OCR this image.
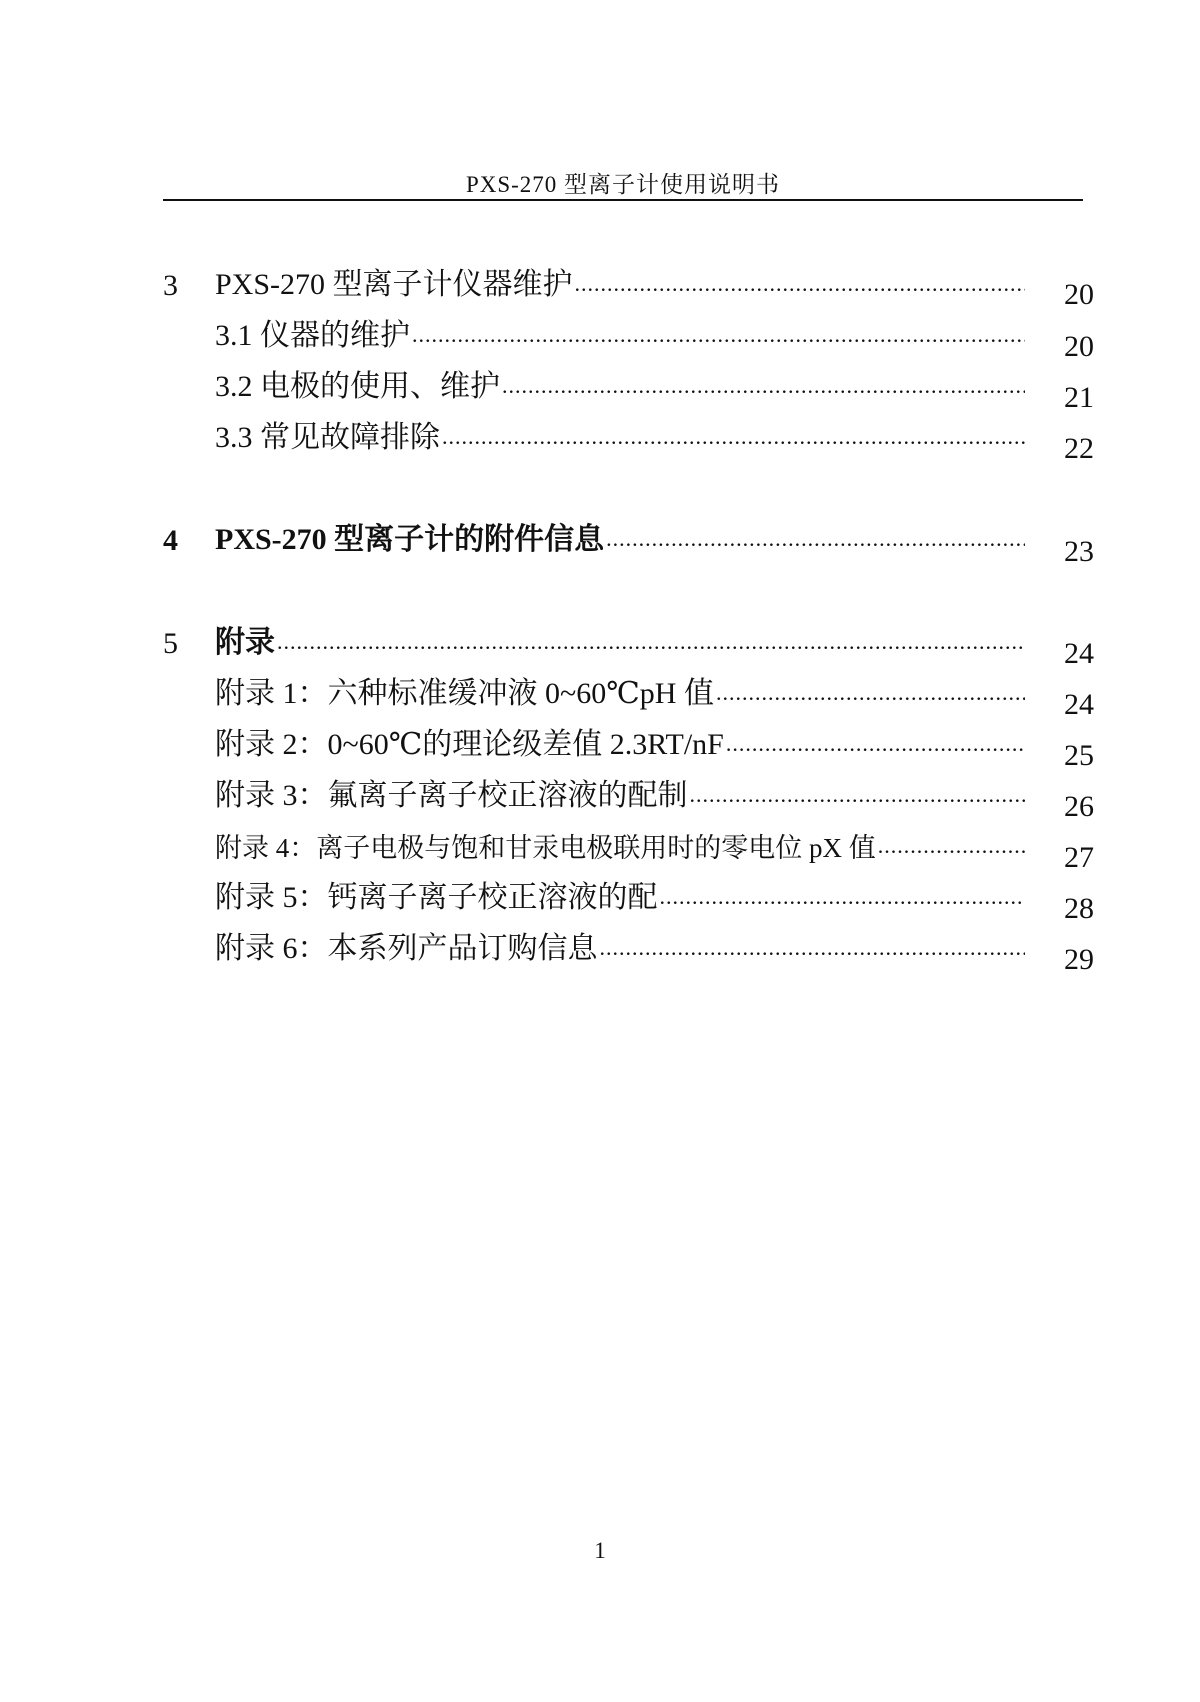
PXS-270 型离子计使用说明书
3	PXS-270 型离子计仪器维护 .....	20
3.1 仪器的维护 .....	20
3.2 电极的使用、维护 .....	21
3.3 常见故障排除 .....	22
4	PXS-270 型离子计的附件信息 .....	23
5	附录 .....	24
附录 1：六种标准缓冲液 0~60℃pH 值 .....	24
附录 2：0~60℃的理论级差值 2.3RT/nF .....	25
附录 3：氟离子离子校正溶液的配制 .....	26
附录 4：离子电极与饱和甘汞电极联用时的零电位 pX 值 .....	27
附录 5：钙离子离子校正溶液的配 .....	28
附录 6：本系列产品订购信息 .....	29
1
